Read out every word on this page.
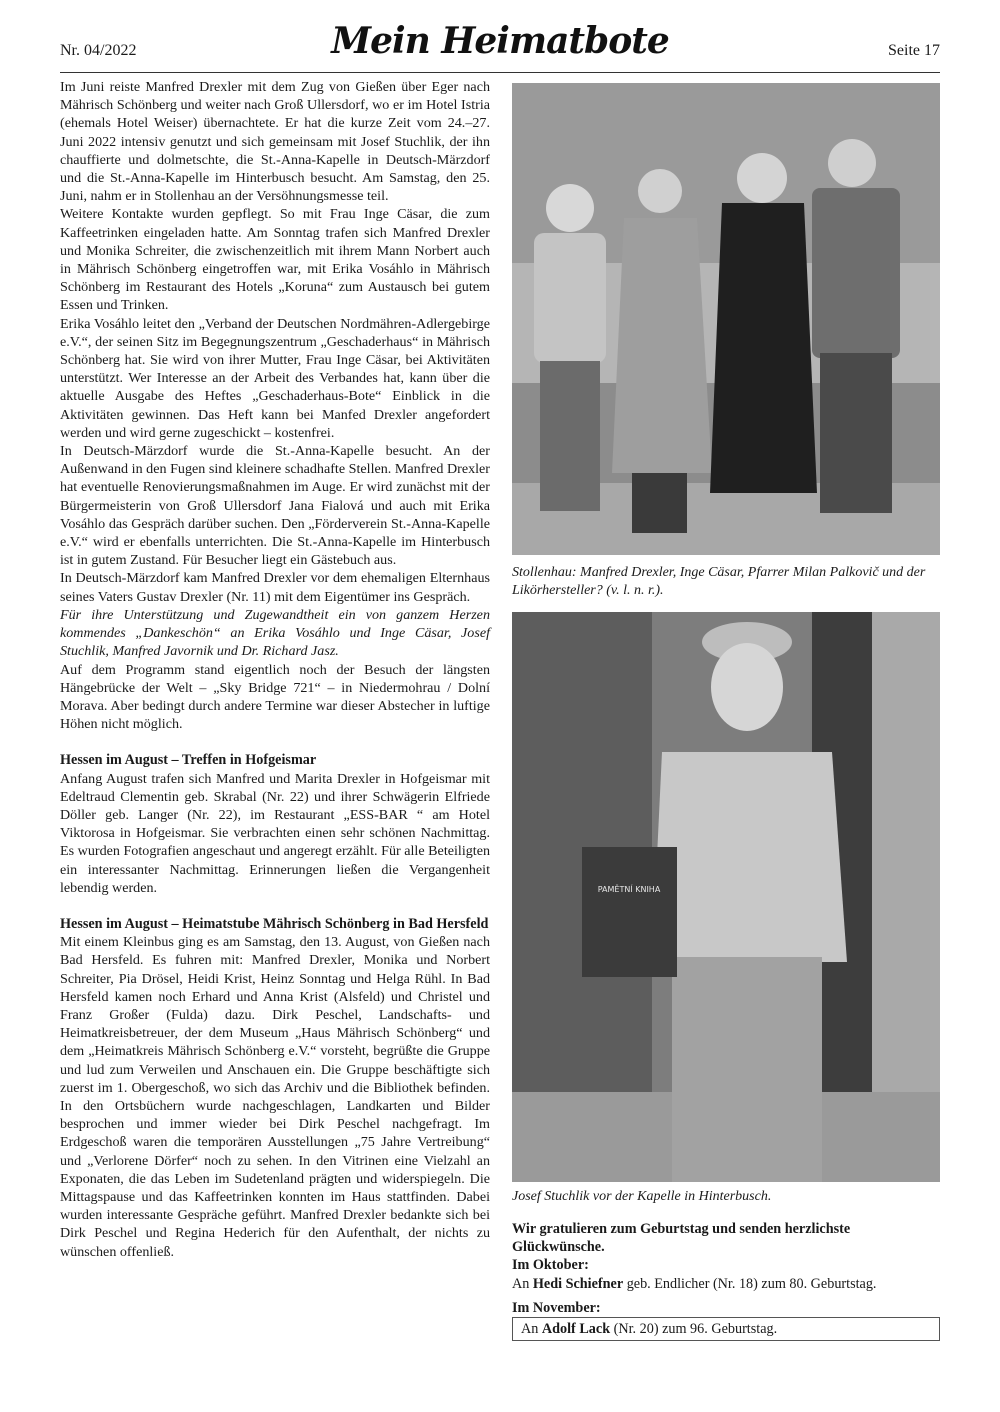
Nr. 04/2022	Mein Heimatbote	Seite 17

Im Juni reiste Manfred Drexler mit dem Zug von Gießen über Eger nach Mährisch Schönberg und weiter nach Groß Ullersdorf, wo er im Hotel Istria (ehemals Hotel Weiser) übernachtete. Er hat die kurze Zeit vom 24.–27. Juni 2022 intensiv genutzt und sich gemeinsam mit Josef Stuchlik, der ihn chauffierte und dolmetschte, die St.-Anna-Kapelle in Deutsch-Märzdorf und die St.-Anna-Kapelle im Hinterbusch besucht. Am Samstag, den 25. Juni, nahm er in Stollenhau an der Versöhnungsmesse teil.

Weitere Kontakte wurden gepflegt. So mit Frau Inge Cäsar, die zum Kaffeetrinken eingeladen hatte. Am Sonntag trafen sich Manfred Drexler und Monika Schreiter, die zwischenzeitlich mit ihrem Mann Norbert auch in Mährisch Schönberg eingetroffen war, mit Erika Vosáhlo in Mährisch Schönberg im Restaurant des Hotels „Koruna“ zum Austausch bei gutem Essen und Trinken.

Erika Vosáhlo leitet den „Verband der Deutschen Nordmähren-Adlergebirge e.V.“, der seinen Sitz im Begegnungszentrum „Geschaderhaus“ in Mährisch Schönberg hat. Sie wird von ihrer Mutter, Frau Inge Cäsar, bei Aktivitäten unterstützt. Wer Interesse an der Arbeit des Verbandes hat, kann über die aktuelle Ausgabe des Heftes „Geschaderhaus-Bote“ Einblick in die Aktivitäten gewinnen. Das Heft kann bei Manfed Drexler angefordert werden und wird gerne zugeschickt – kostenfrei.

In Deutsch-Märzdorf wurde die St.-Anna-Kapelle besucht. An der Außenwand in den Fugen sind kleinere schadhafte Stellen. Manfred Drexler hat eventuelle Renovierungsmaßnahmen im Auge. Er wird zunächst mit der Bürgermeisterin von Groß Ullersdorf Jana Fialová und auch mit Erika Vosáhlo das Gespräch darüber suchen. Den „Förderverein St.-Anna-Kapelle e.V.“ wird er ebenfalls unterrichten. Die St.-Anna-Kapelle im Hinterbusch ist in gutem Zustand. Für Besucher liegt ein Gästebuch aus.

In Deutsch-Märzdorf kam Manfred Drexler vor dem ehemaligen Elternhaus seines Vaters Gustav Drexler (Nr. 11) mit dem Eigentümer ins Gespräch.

Für ihre Unterstützung und Zugewandtheit ein von ganzem Herzen kommendes „Dankeschön“ an Erika Vosáhlo und Inge Cäsar, Josef Stuchlik, Manfred Javornik und Dr. Richard Jasz.

Auf dem Programm stand eigentlich noch der Besuch der längsten Hängebrücke der Welt – „Sky Bridge 721“ – in Niedermohrau / Dolní Morava. Aber bedingt durch andere Termine war dieser Abstecher in luftige Höhen nicht möglich.

Hessen im August – Treffen in Hofgeismar

Anfang August trafen sich Manfred und Marita Drexler in Hofgeismar mit Edeltraud Clementin geb. Skrabal (Nr. 22) und ihrer Schwägerin Elfriede Döller geb. Langer (Nr. 22), im Restaurant „ESS-BAR “ am Hotel Viktorosa in Hofgeismar. Sie verbrachten einen sehr schönen Nachmittag. Es wurden Fotografien angeschaut und angeregt erzählt. Für alle Beteiligten ein interessanter Nachmittag. Erinnerungen ließen die Vergangenheit lebendig werden.

Hessen im August – Heimatstube Mährisch Schönberg in Bad Hersfeld

Mit einem Kleinbus ging es am Samstag, den 13. August, von Gießen nach Bad Hersfeld. Es fuhren mit: Manfred Drexler, Monika und Norbert Schreiter, Pia Drösel, Heidi Krist, Heinz Sonntag und Helga Rühl. In Bad Hersfeld kamen noch Erhard und Anna Krist (Alsfeld) und Christel und Franz Großer (Fulda) dazu. Dirk Peschel, Landschafts- und Heimatkreisbetreuer, der dem Museum „Haus Mährisch Schönberg“ und dem „Heimatkreis Mährisch Schönberg e.V.“ vorsteht, begrüßte die Gruppe und lud zum Verweilen und Anschauen ein. Die Gruppe beschäftigte sich zuerst im 1. Obergeschoß, wo sich das Archiv und die Bibliothek befinden. In den Ortsbüchern wurde nachgeschlagen, Landkarten und Bilder besprochen und immer wieder bei Dirk Peschel nachgefragt. Im Erdgeschoß waren die temporären Ausstellungen „75 Jahre Vertreibung“ und „Verlorene Dörfer“ noch zu sehen. In den Vitrinen eine Vielzahl an Exponaten, die das Leben im Sudetenland prägten und widerspiegeln. Die Mittagspause und das Kaffeetrinken konnten im Haus stattfinden. Dabei wurden interessante Gespräche geführt. Manfred Drexler bedankte sich bei Dirk Peschel und Regina Hederich für den Aufenthalt, der nichts zu wünschen offenließ.

Stollenhau: Manfred Drexler, Inge Cäsar, Pfarrer Milan Palkovič und der Likörhersteller? (v. l. n. r.).
PAMĚTNÍ KNIHA
Josef Stuchlik vor der Kapelle in Hinterbusch.

Wir gratulieren zum Geburtstag und senden herzlichste Glückwünsche.

Im Oktober:

An Hedi Schiefner geb. Endlicher (Nr. 18) zum 80. Geburtstag.

Im November:

An Adolf Lack (Nr. 20) zum 96. Geburtstag.
